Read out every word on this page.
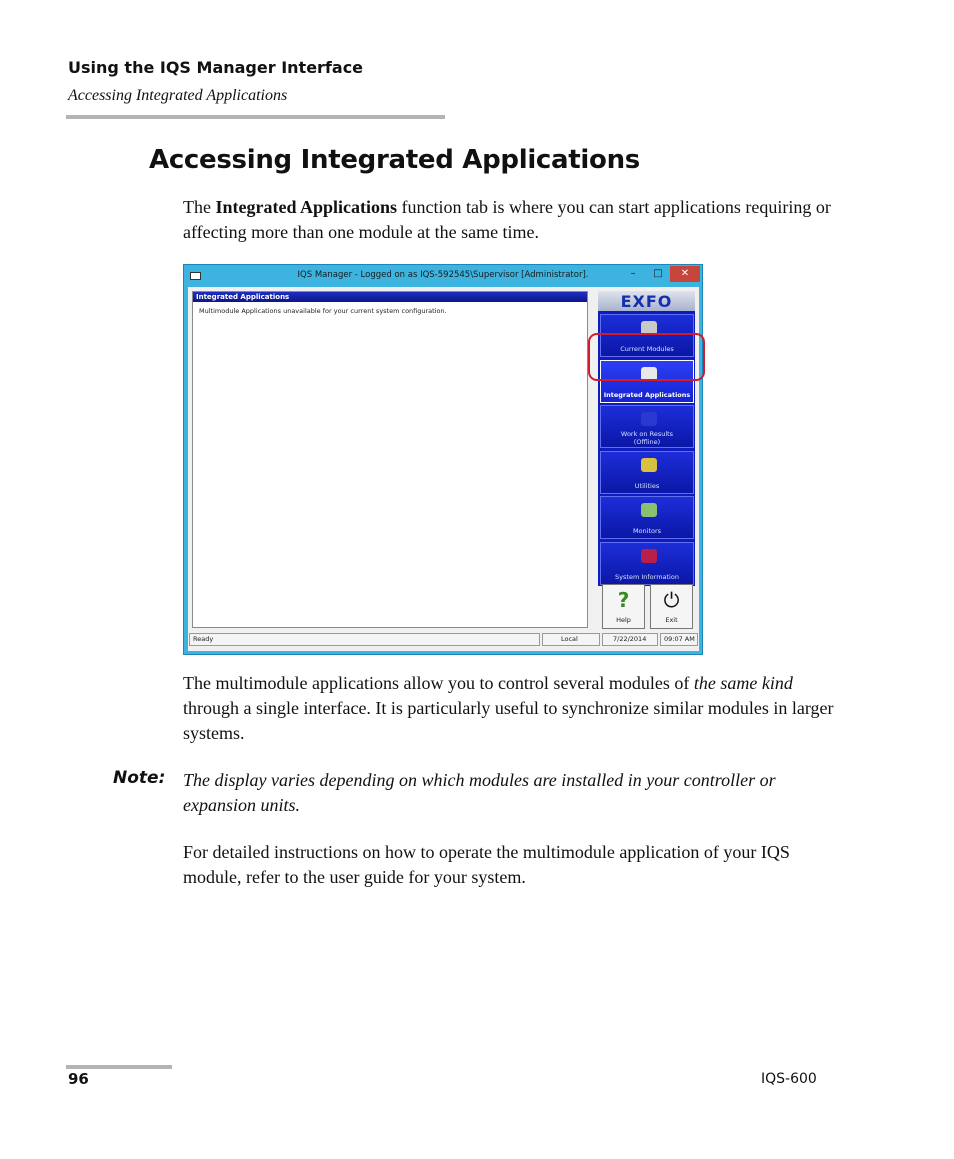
Using the IQS Manager Interface
Accessing Integrated Applications
Accessing Integrated Applications
The Integrated Applications function tab is where you can start applications requiring or affecting more than one module at the same time.
IQS Manager - Logged on as IQS-592545\Supervisor [Administrator].	–	□	✕
Integrated Applications
Multimodule Applications unavailable for your current system configuration.	EXFO
Current Modules
Integrated Applications
Work on Results
(Offline)
Utilities
Monitors
System Information
?
Help
⏻
Exit
Ready	Local	7/22/2014	09:07 AM
The multimodule applications allow you to control several modules of the same kind through a single interface. It is particularly useful to synchronize similar modules in larger systems.
Note: The display varies depending on which modules are installed in your controller or expansion units.
For detailed instructions on how to operate the multimodule application of your IQS module, refer to the user guide for your system.
96	IQS-600
